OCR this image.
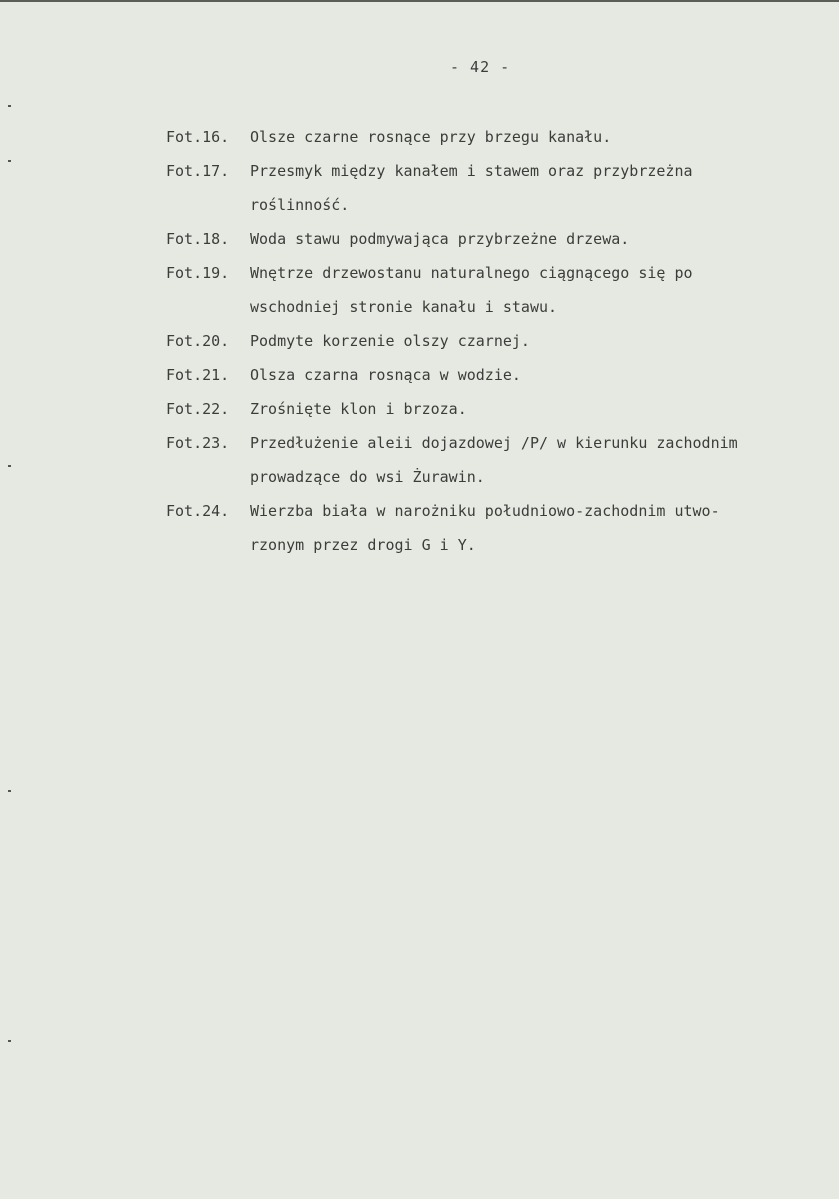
- 42 -
Fot.16. Olsze czarne rosnące przy brzegu kanału.
Fot.17. Przesmyk między kanałem i stawem oraz przybrzeżna
roślinność.
Fot.18. Woda stawu podmywająca przybrzeżne drzewa.
Fot.19. Wnętrze drzewostanu naturalnego ciągnącego się po
wschodniej stronie kanału i stawu.
Fot.20. Podmyte korzenie olszy czarnej.
Fot.21. Olsza czarna rosnąca w wodzie.
Fot.22. Zrośnięte klon i brzoza.
Fot.23. Przedłużenie aleii dojazdowej /P/ w kierunku zachodnim
prowadzące do wsi Żurawin.
Fot.24. Wierzba biała w narożniku południowo-zachodnim utwo-
rzonym przez drogi G i Y.
